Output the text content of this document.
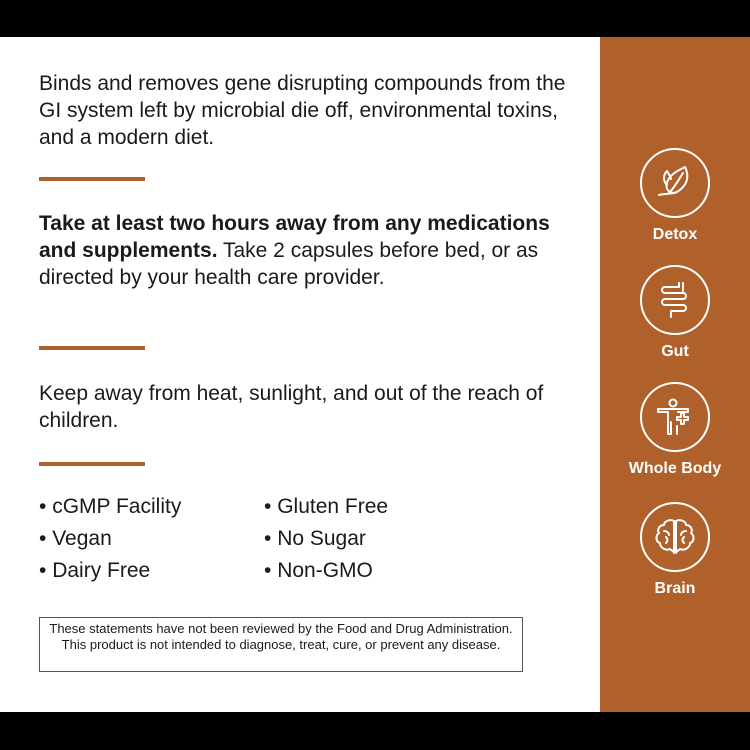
Binds and removes gene disrupting compounds from the GI system left by microbial die off, environmental toxins, and a modern diet.

Take at least two hours away from any medications and supplements. Take 2 capsules before bed, or as directed by your health care provider.

Keep away from heat, sunlight, and out of the reach of children.

• cGMP Facility
• Vegan
• Dairy Free
• Gluten Free
• No Sugar
• Non-GMO
These statements have not been reviewed by the Food and Drug Administration. This product is not intended to diagnose, treat, cure, or prevent any disease.
Detox
Gut
Whole Body
Brain
